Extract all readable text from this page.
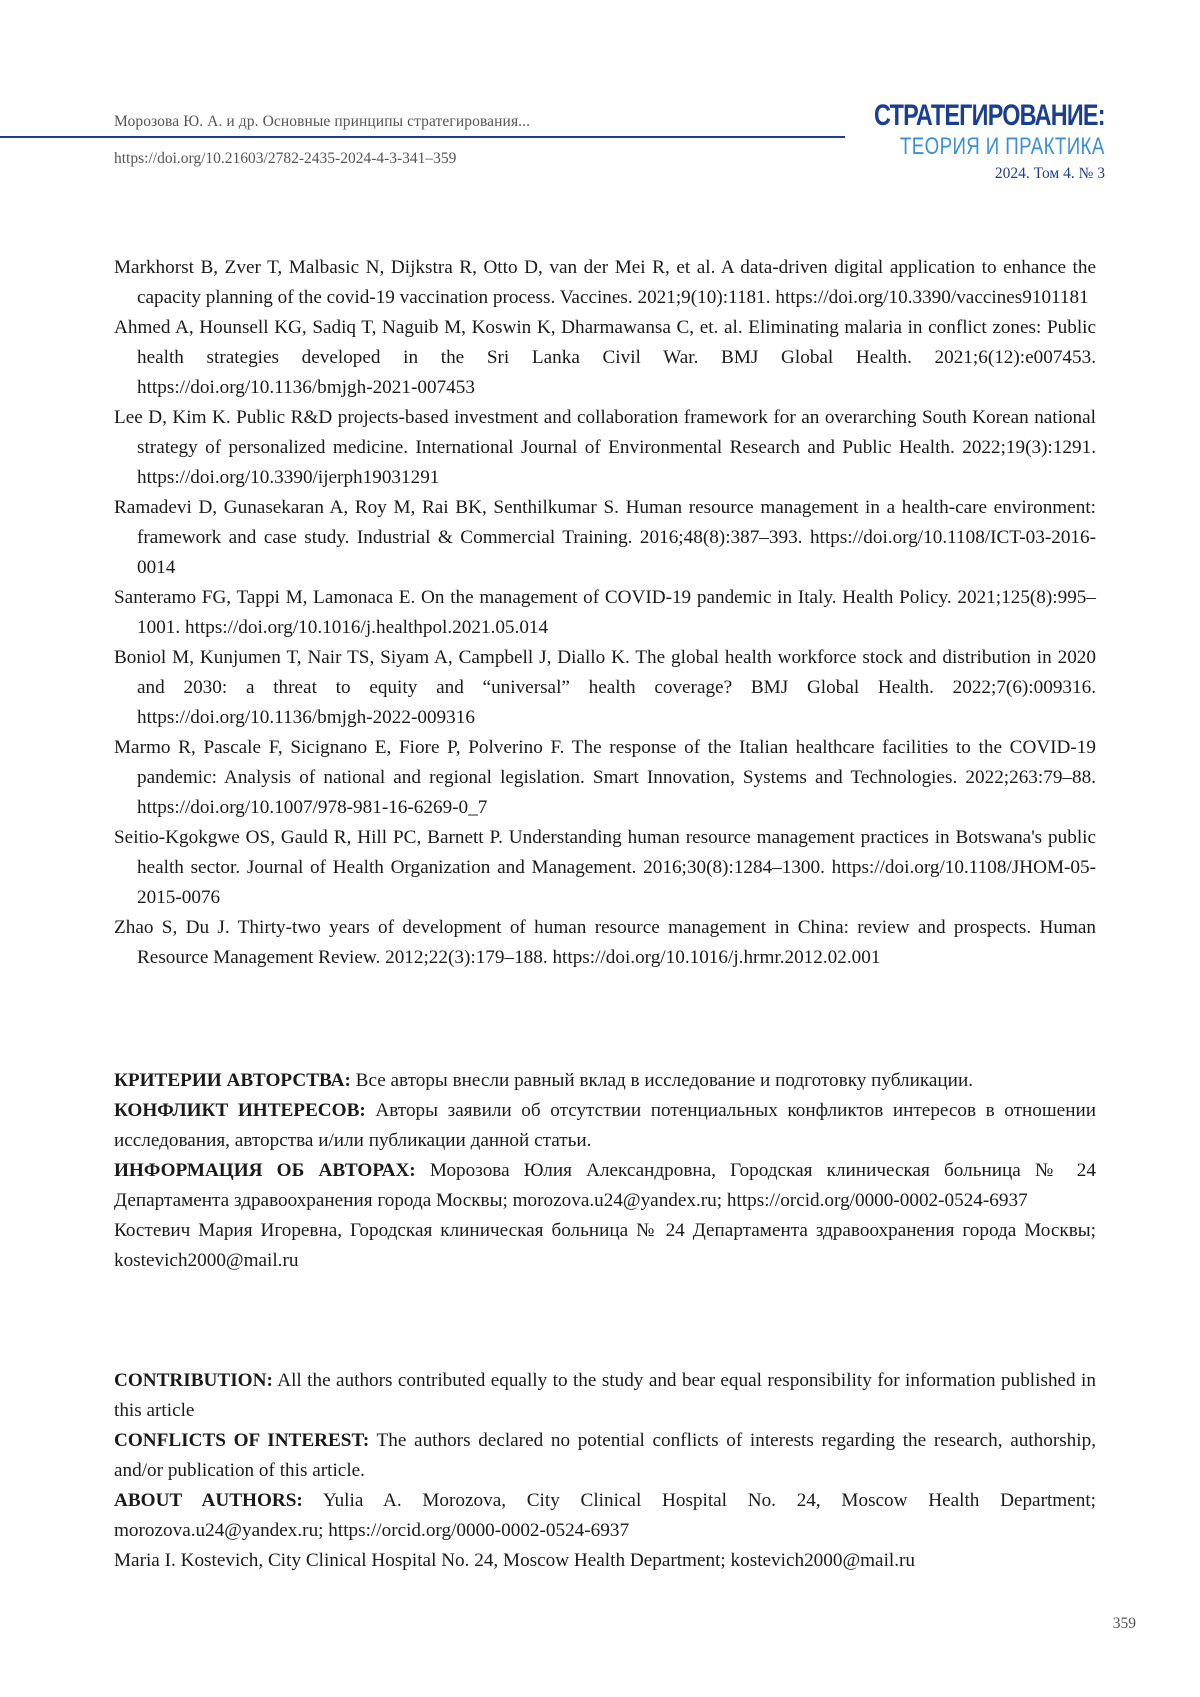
Морозова Ю. А. и др. Основные принципы стратегирования...
https://doi.org/10.21603/2782-2435-2024-4-3-341–359
СТРАТЕГИРОВАНИЕ:
ТЕОРИЯ И ПРАКТИКА
2024. Том 4. № 3

Markhorst B, Zver T, Malbasic N, Dijkstra R, Otto D, van der Mei R, et al. A data-driven digital application to enhance the capacity planning of the covid-19 vaccination process. Vaccines. 2021;9(10):1181. https://doi.org/10.3390/vaccines9101181

Ahmed A, Hounsell KG, Sadiq T, Naguib M, Koswin K, Dharmawansa C, et. al. Eliminating malaria in conflict zones: Public health strategies developed in the Sri Lanka Civil War. BMJ Global Health. 2021;6(12):e007453. https://doi.org/10.1136/bmjgh-2021-007453

Lee D, Kim K. Public R&D projects-based investment and collaboration framework for an overarching South Korean national strategy of personalized medicine. International Journal of Environmental Research and Public Health. 2022;19(3):1291. https://doi.org/10.3390/ijerph19031291

Ramadevi D, Gunasekaran A, Roy M, Rai BK, Senthilkumar S. Human resource management in a health-care environment: framework and case study. Industrial & Commercial Training. 2016;48(8):387–393. https://doi.org/10.1108/ICT-03-2016-0014

Santeramo FG, Tappi M, Lamonaca E. On the management of COVID-19 pandemic in Italy. Health Policy. 2021;125(8):995–1001. https://doi.org/10.1016/j.healthpol.2021.05.014

Boniol M, Kunjumen T, Nair TS, Siyam A, Campbell J, Diallo K. The global health workforce stock and distribution in 2020 and 2030: a threat to equity and “universal” health coverage? BMJ Global Health. 2022;7(6):009316. https://doi.org/10.1136/bmjgh-2022-009316

Marmo R, Pascale F, Sicignano E, Fiore P, Polverino F. The response of the Italian healthcare facilities to the COVID-19 pandemic: Analysis of national and regional legislation. Smart Innovation, Systems and Technologies. 2022;263:79–88. https://doi.org/10.1007/978-981-16-6269-0_7

Seitio-Kgokgwe OS, Gauld R, Hill PC, Barnett P. Understanding human resource management practices in Botswana's public health sector. Journal of Health Organization and Management. 2016;30(8):1284–1300. https://doi.org/10.1108/JHOM-05-2015-0076

Zhao S, Du J. Thirty-two years of development of human resource management in China: review and prospects. Human Resource Management Review. 2012;22(3):179–188. https://doi.org/10.1016/j.hrmr.2012.02.001

КРИТЕРИИ АВТОРСТВА: Все авторы внесли равный вклад в исследование и подготовку публикации.

КОНФЛИКТ ИНТЕРЕСОВ: Авторы заявили об отсутствии потенциальных конфликтов интересов в отношении исследования, авторства и/или публикации данной статьи.

ИНФОРМАЦИЯ ОБ АВТОРАХ: Морозова Юлия Александровна, Городская клиническая больница № 24 Департамента здравоохранения города Москвы; morozova.u24@yandex.ru; https://orcid.org/0000-0002-0524-6937

Костевич Мария Игоревна, Городская клиническая больница № 24 Департамента здравоохранения города Москвы; kostevich2000@mail.ru

CONTRIBUTION: All the authors contributed equally to the study and bear equal responsibility for information published in this article

CONFLICTS OF INTEREST: The authors declared no potential conflicts of interests regarding the research, authorship, and/or publication of this article.

ABOUT AUTHORS: Yulia A. Morozova, City Clinical Hospital No. 24, Moscow Health Department; morozova.u24@yandex.ru; https://orcid.org/0000-0002-0524-6937

Maria I. Kostevich, City Clinical Hospital No. 24, Moscow Health Department; kostevich2000@mail.ru

359
